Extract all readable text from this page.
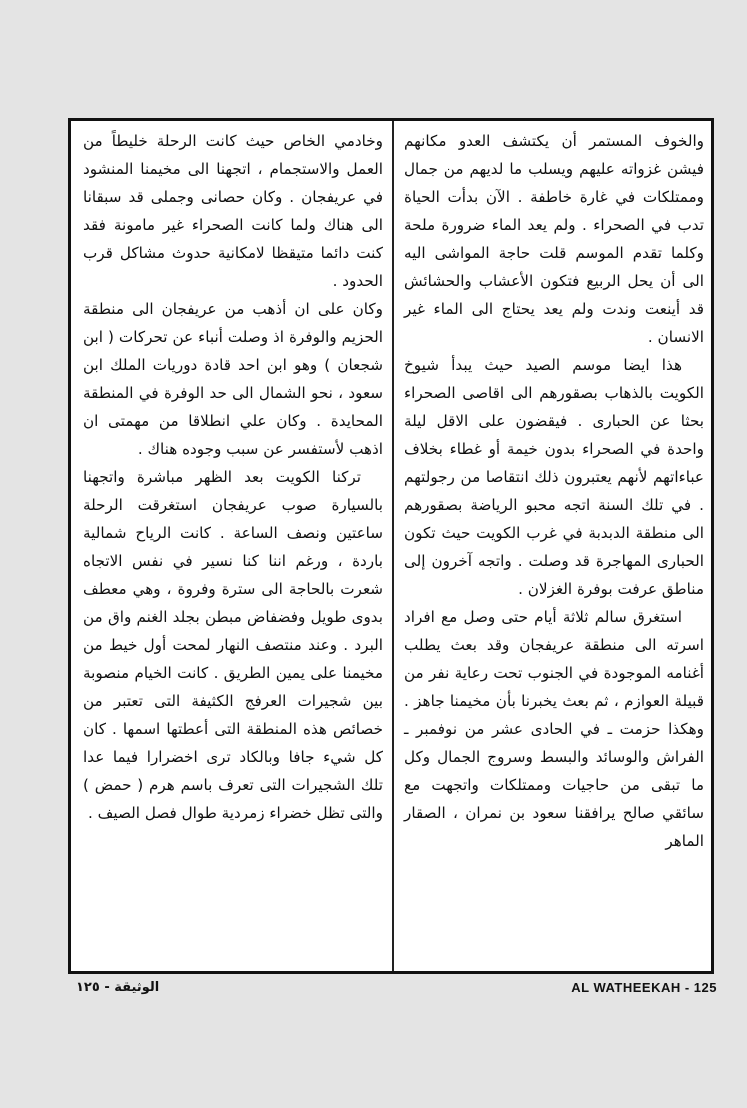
والخوف المستمر أن يكتشف العدو مكانهم فيشن غزواته عليهم ويسلب ما لديهم من جمال وممتلكات في غارة خاطفة . الآن بدأت الحياة تدب في الصحراء . ولم يعد الماء ضرورة ملحة وكلما تقدم الموسم قلت حاجة المواشى اليه الى أن يحل الربيع فتكون الأعشاب والحشائش قد أينعت وندت ولم يعد يحتاج الى الماء غير الانسان .

هذا ايضا موسم الصيد حيث يبدأ شيوخ الكويت بالذهاب بصقورهم الى اقاصى الصحراء بحثا عن الحبارى . فيقضون على الاقل ليلة واحدة في الصحراء بدون خيمة أو غطاء بخلاف عباءاتهم لأنهم يعتبرون ذلك انتقاصا من رجولتهم . في تلك السنة اتجه محبو الرياضة بصقورهم الى منطقة الدبدبة في غرب الكويت حيث تكون الحبارى المهاجرة قد وصلت . واتجه آخرون إلى مناطق عرفت بوفرة الغزلان .

استغرق سالم ثلاثة أيام حتى وصل مع افراد اسرته الى منطقة عريفجان وقد بعث يطلب أغنامه الموجودة في الجنوب تحت رعاية نفر من قبيلة العوازم ، ثم بعث يخبرنا بأن مخيمنا جاهز . وهكذا حزمت ـ في الحادى عشر من نوفمبر ـ الفراش والوسائد والبسط وسروج الجمال وكل ما تبقى من حاجيات وممتلكات واتجهت مع سائقي صالح يرافقنا سعود بن نمران ، الصقار الماهر

وخادمي الخاص حيث كانت الرحلة خليطاً من العمل والاستجمام ، اتجهنا الى مخيمنا المنشود في عريفجان . وكان حصانى وجملى قد سبقانا الى هناك ولما كانت الصحراء غير مامونة فقد كنت دائما متيقظا لامكانية حدوث مشاكل قرب الحدود .

وكان على ان أذهب من عريفجان الى منطقة الحزيم والوفرة اذ وصلت أنباء عن تحركات ( ابن شجعان ) وهو ابن احد قادة دوريات الملك ابن سعود ، نحو الشمال الى حد الوفرة في المنطقة المحايدة . وكان علي انطلاقا من مهمتى ان اذهب لأستفسر عن سبب وجوده هناك .

تركنا الكويت بعد الظهر مباشرة واتجهنا بالسيارة صوب عريفجان استغرقت الرحلة ساعتين ونصف الساعة . كانت الرياح شمالية باردة ، ورغم اننا كنا نسير في نفس الاتجاه شعرت بالحاجة الى سترة وفروة ، وهي معطف بدوى طويل وفضفاض مبطن بجلد الغنم واق من البرد . وعند منتصف النهار لمحت أول خيط من مخيمنا على يمين الطريق . كانت الخيام منصوبة بين شجيرات العرفج الكثيفة التى تعتبر من خصائص هذه المنطقة التى أعطتها اسمها . كان كل شيء جافا وبالكاد ترى اخضرارا فيما عدا تلك الشجيرات التى تعرف باسم هرم ( حمض ) والتى تظل خضراء زمردية طوال فصل الصيف .

الوثيقة - ١٢٥	AL WATHEEKAH - 125
